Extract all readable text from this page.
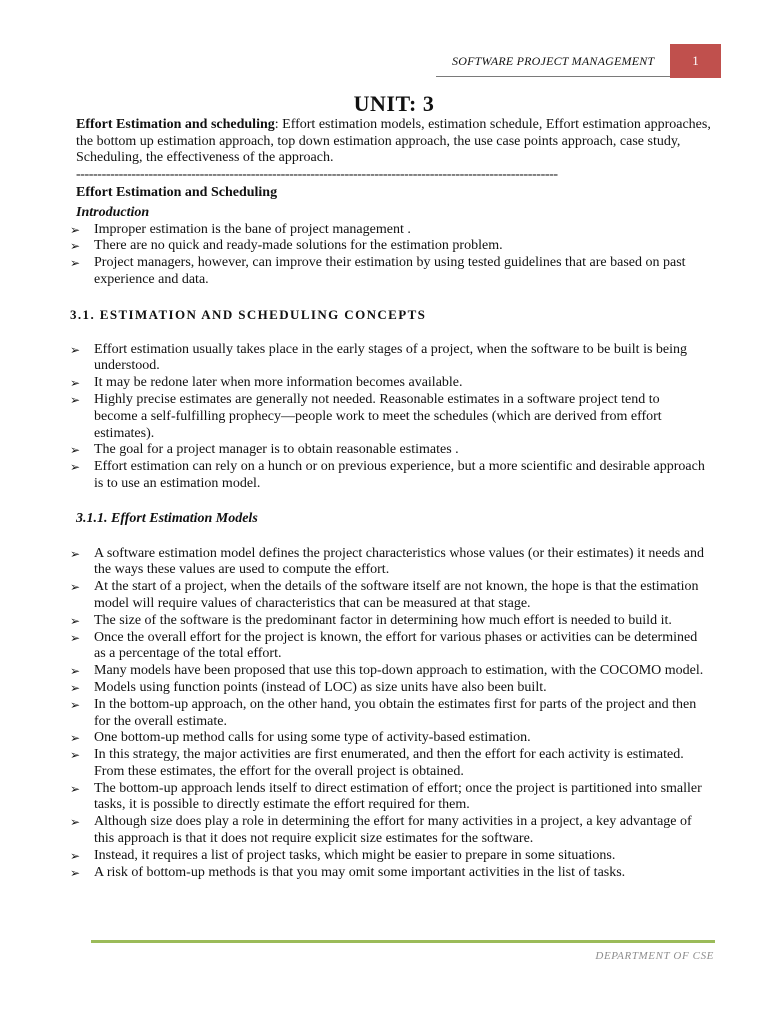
SOFTWARE PROJECT MANAGEMENT	1
UNIT: 3

Effort Estimation and scheduling: Effort estimation models, estimation schedule, Effort estimation approaches, the bottom up estimation approach, top down estimation approach, the use case points approach, case study, Scheduling, the effectiveness of the approach.

-----------------------------------------------------------------------------------------------------------------

Effort Estimation and Scheduling

Introduction

➢ Improper estimation is the bane of project management .
➢ There are no quick and ready-made solutions for the estimation problem.
➢ Project managers, however, can improve their estimation by using tested guidelines that are based on past experience and data.

3.1. ESTIMATION AND SCHEDULING CONCEPTS

➢ Effort estimation usually takes place in the early stages of a project, when the software to be built is being understood.
➢ It may be redone later when more information becomes available.
➢ Highly precise estimates are generally not needed. Reasonable estimates in a software project tend to become a self-fulfilling prophecy—people work to meet the schedules (which are derived from effort estimates).
➢ The goal for a project manager is to obtain reasonable estimates .
➢ Effort estimation can rely on a hunch or on previous experience, but a more scientific and desirable approach is to use an estimation model.

3.1.1. Effort Estimation Models

➢ A software estimation model defines the project characteristics whose values (or their estimates) it needs and the ways these values are used to compute the effort.
➢ At the start of a project, when the details of the software itself are not known, the hope is that the estimation model will require values of characteristics that can be measured at that stage.
➢ The size of the software is the predominant factor in determining how much effort is needed to build it.
➢ Once the overall effort for the project is known, the effort for various phases or activities can be determined as a percentage of the total effort.
➢ Many models have been proposed that use this top-down approach to estimation, with the COCOMO model.
➢ Models using function points (instead of LOC) as size units have also been built.
➢ In the bottom-up approach, on the other hand, you obtain the estimates first for parts of the project and then for the overall estimate.
➢ One bottom-up method calls for using some type of activity-based estimation.
➢ In this strategy, the major activities are first enumerated, and then the effort for each activity is estimated. From these estimates, the effort for the overall project is obtained.
➢ The bottom-up approach lends itself to direct estimation of effort; once the project is partitioned into smaller tasks, it is possible to directly estimate the effort required for them.
➢ Although size does play a role in determining the effort for many activities in a project, a key advantage of this approach is that it does not require explicit size estimates for the software.
➢ Instead, it requires a list of project tasks, which might be easier to prepare in some situations.
➢ A risk of bottom-up methods is that you may omit some important activities in the list of tasks.
DEPARTMENT OF CSE
